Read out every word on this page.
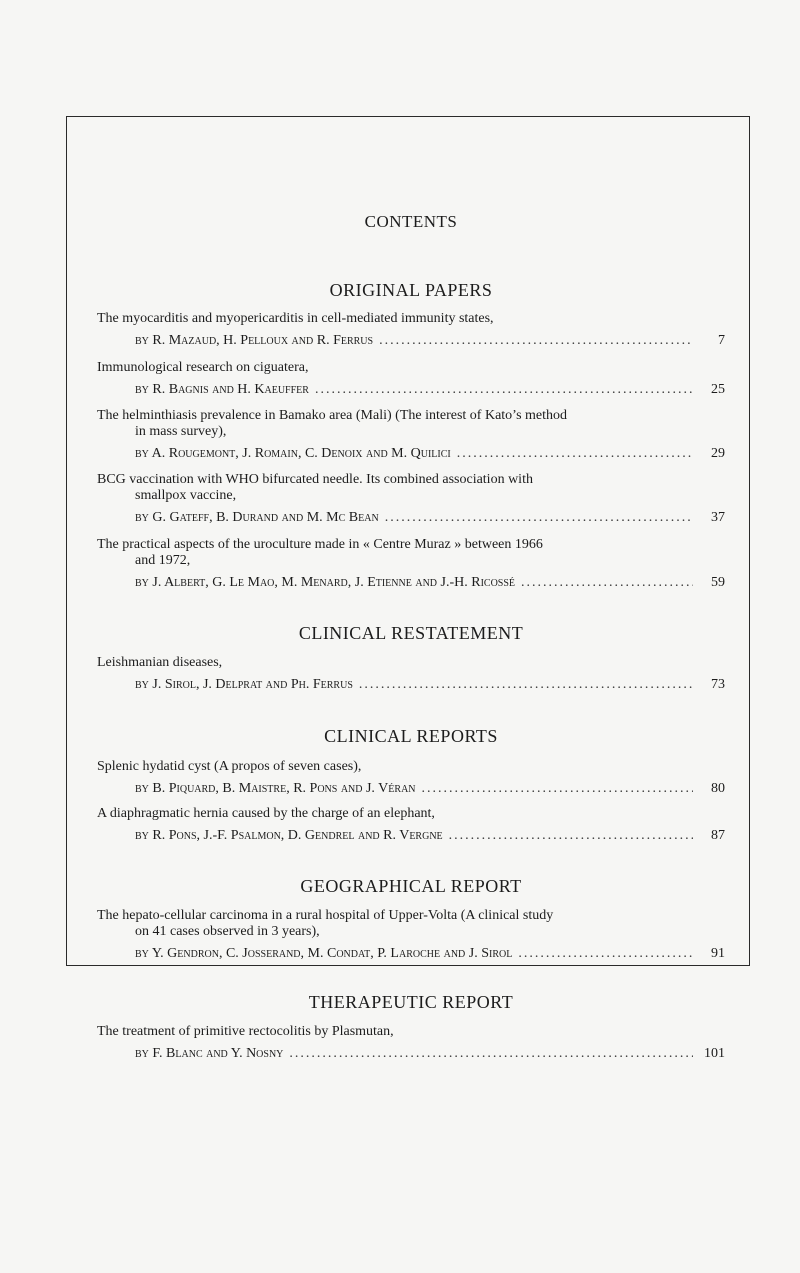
CONTENTS
ORIGINAL PAPERS
The myocarditis and myopericarditis in cell-mediated immunity states,
by R. Mazaud, H. Pelloux and R. Ferrus .....	7
Immunological research on ciguatera,
by R. Bagnis and H. Kaeuffer .....	25
The helminthiasis prevalence in Bamako area (Mali) (The interest of Kato’s method
in mass survey),
by A. Rougemont, J. Romain, C. Denoix and M. Quilici .....	29
BCG vaccination with WHO bifurcated needle. Its combined association with
smallpox vaccine,
by G. Gateff, B. Durand and M. Mc Bean .....	37
The practical aspects of the uroculture made in « Centre Muraz » between 1966
and 1972,
by J. Albert, G. Le Mao, M. Menard, J. Etienne and J.-H. Ricossé .....	59
CLINICAL RESTATEMENT
Leishmanian diseases,
by J. Sirol, J. Delprat and Ph. Ferrus .....	73
CLINICAL REPORTS
Splenic hydatid cyst (A propos of seven cases),
by B. Piquard, B. Maistre, R. Pons and J. Véran .....	80
A diaphragmatic hernia caused by the charge of an elephant,
by R. Pons, J.-F. Psalmon, D. Gendrel and R. Vergne .....	87
GEOGRAPHICAL REPORT
The hepato-cellular carcinoma in a rural hospital of Upper-Volta (A clinical study
on 41 cases observed in 3 years),
by Y. Gendron, C. Josserand, M. Condat, P. Laroche and J. Sirol .....	91
THERAPEUTIC REPORT
The treatment of primitive rectocolitis by Plasmutan,
by F. Blanc and Y. Nosny .....	101
